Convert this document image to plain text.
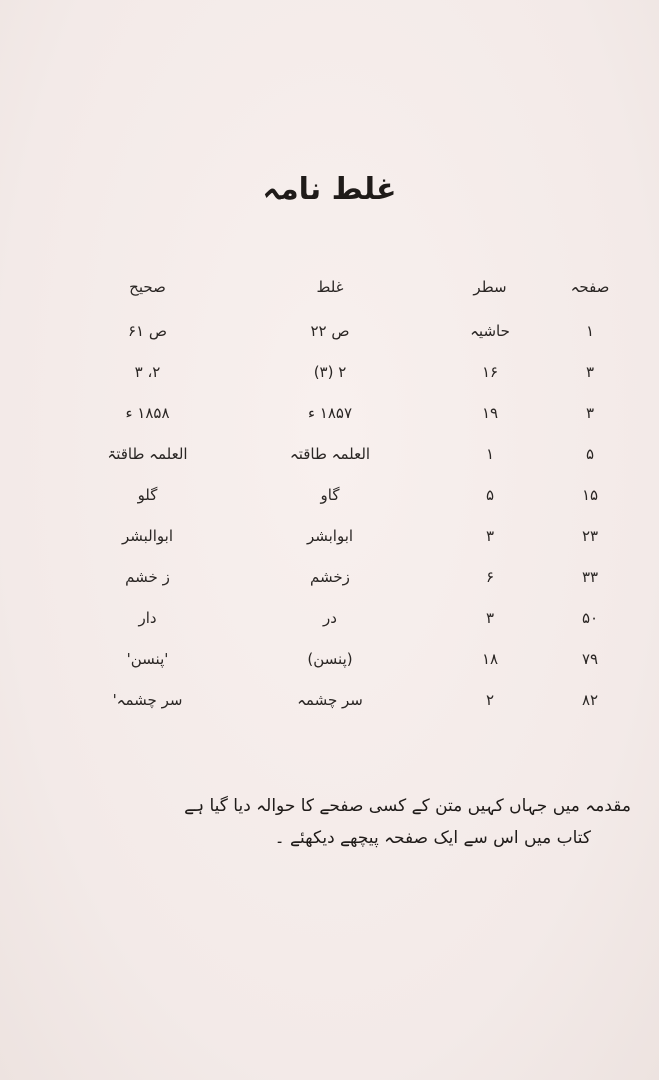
غلط نامہ
صفحہ
سطر
غلط
صحیح
۱
حاشیہ
ص ۲۲
ص ۶۱
۳
۱۶
۲ (۳)
۲، ۳
۳
۱۹
۱۸۵۷ ء
۱۸۵۸ ء
۵
۱
العلمہ طاقتہ
العلمہ طاقتۃ
۱۵
۵
گاو
گلو
۲۳
۳
ابوابشر
ابوالبشر
۳۳
۶
زخشم
ز خشم
۵۰
۳
در
دار
۷۹
۱۸
(پنسن)
'پنسن'
۸۲
۲
سر چشمہ
سر چشمہ'

مقدمہ میں جہاں کہیں متن کے کسی صفحے کا حوالہ دیا گیا ہے

کتاب میں اس سے ایک صفحہ پیچھے دیکھئے ۔
